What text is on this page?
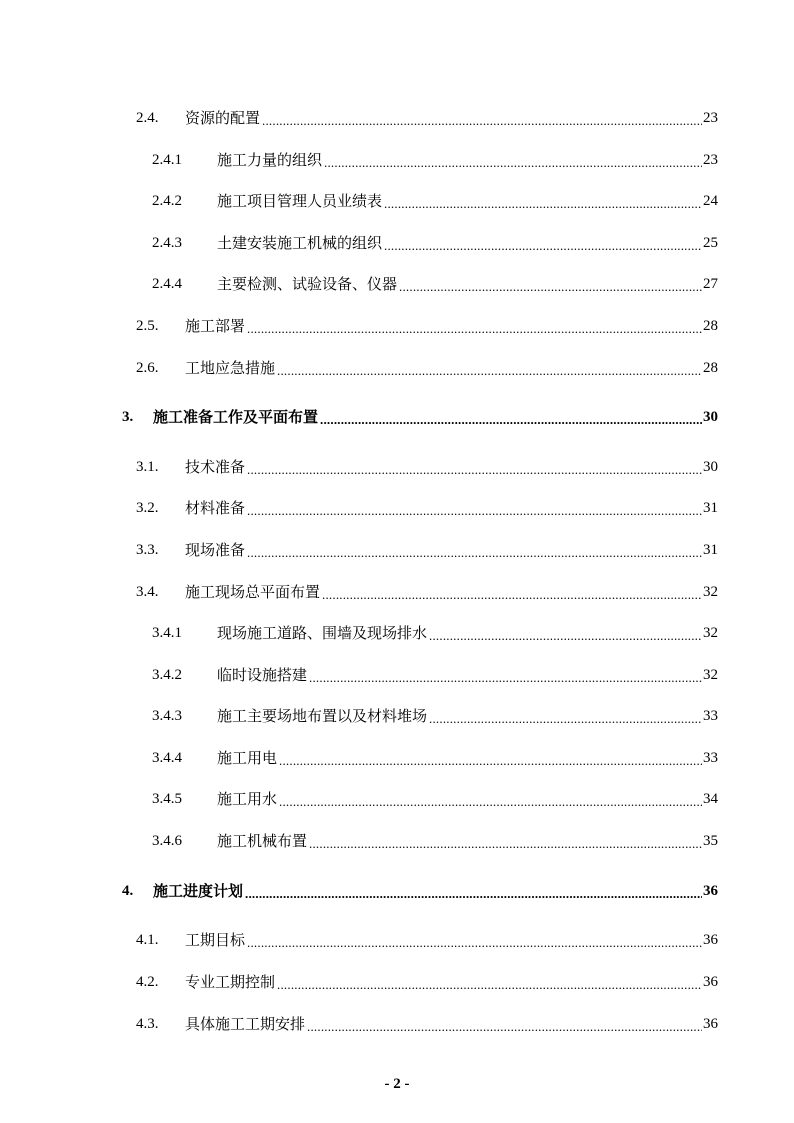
2.4.	资源的配置 .....	23
2.4.1	施工力量的组织 .....	23
2.4.2	施工项目管理人员业绩表 .....	24
2.4.3	土建安装施工机械的组织 .....	25
2.4.4	主要检测、试验设备、仪器 .....	27
2.5.	施工部署 .....	28
2.6.	工地应急措施 .....	28
3.	施工准备工作及平面布置 .....	30
3.1.	技术准备 .....	30
3.2.	材料准备 .....	31
3.3.	现场准备 .....	31
3.4.	施工现场总平面布置 .....	32
3.4.1	现场施工道路、围墙及现场排水 .....	32
3.4.2	临时设施搭建 .....	32
3.4.3	施工主要场地布置以及材料堆场 .....	33
3.4.4	施工用电 .....	33
3.4.5	施工用水 .....	34
3.4.6	施工机械布置 .....	35
4.	施工进度计划 .....	36
4.1.	工期目标 .....	36
4.2.	专业工期控制 .....	36
4.3.	具体施工工期安排 .....	36
- 2 -
